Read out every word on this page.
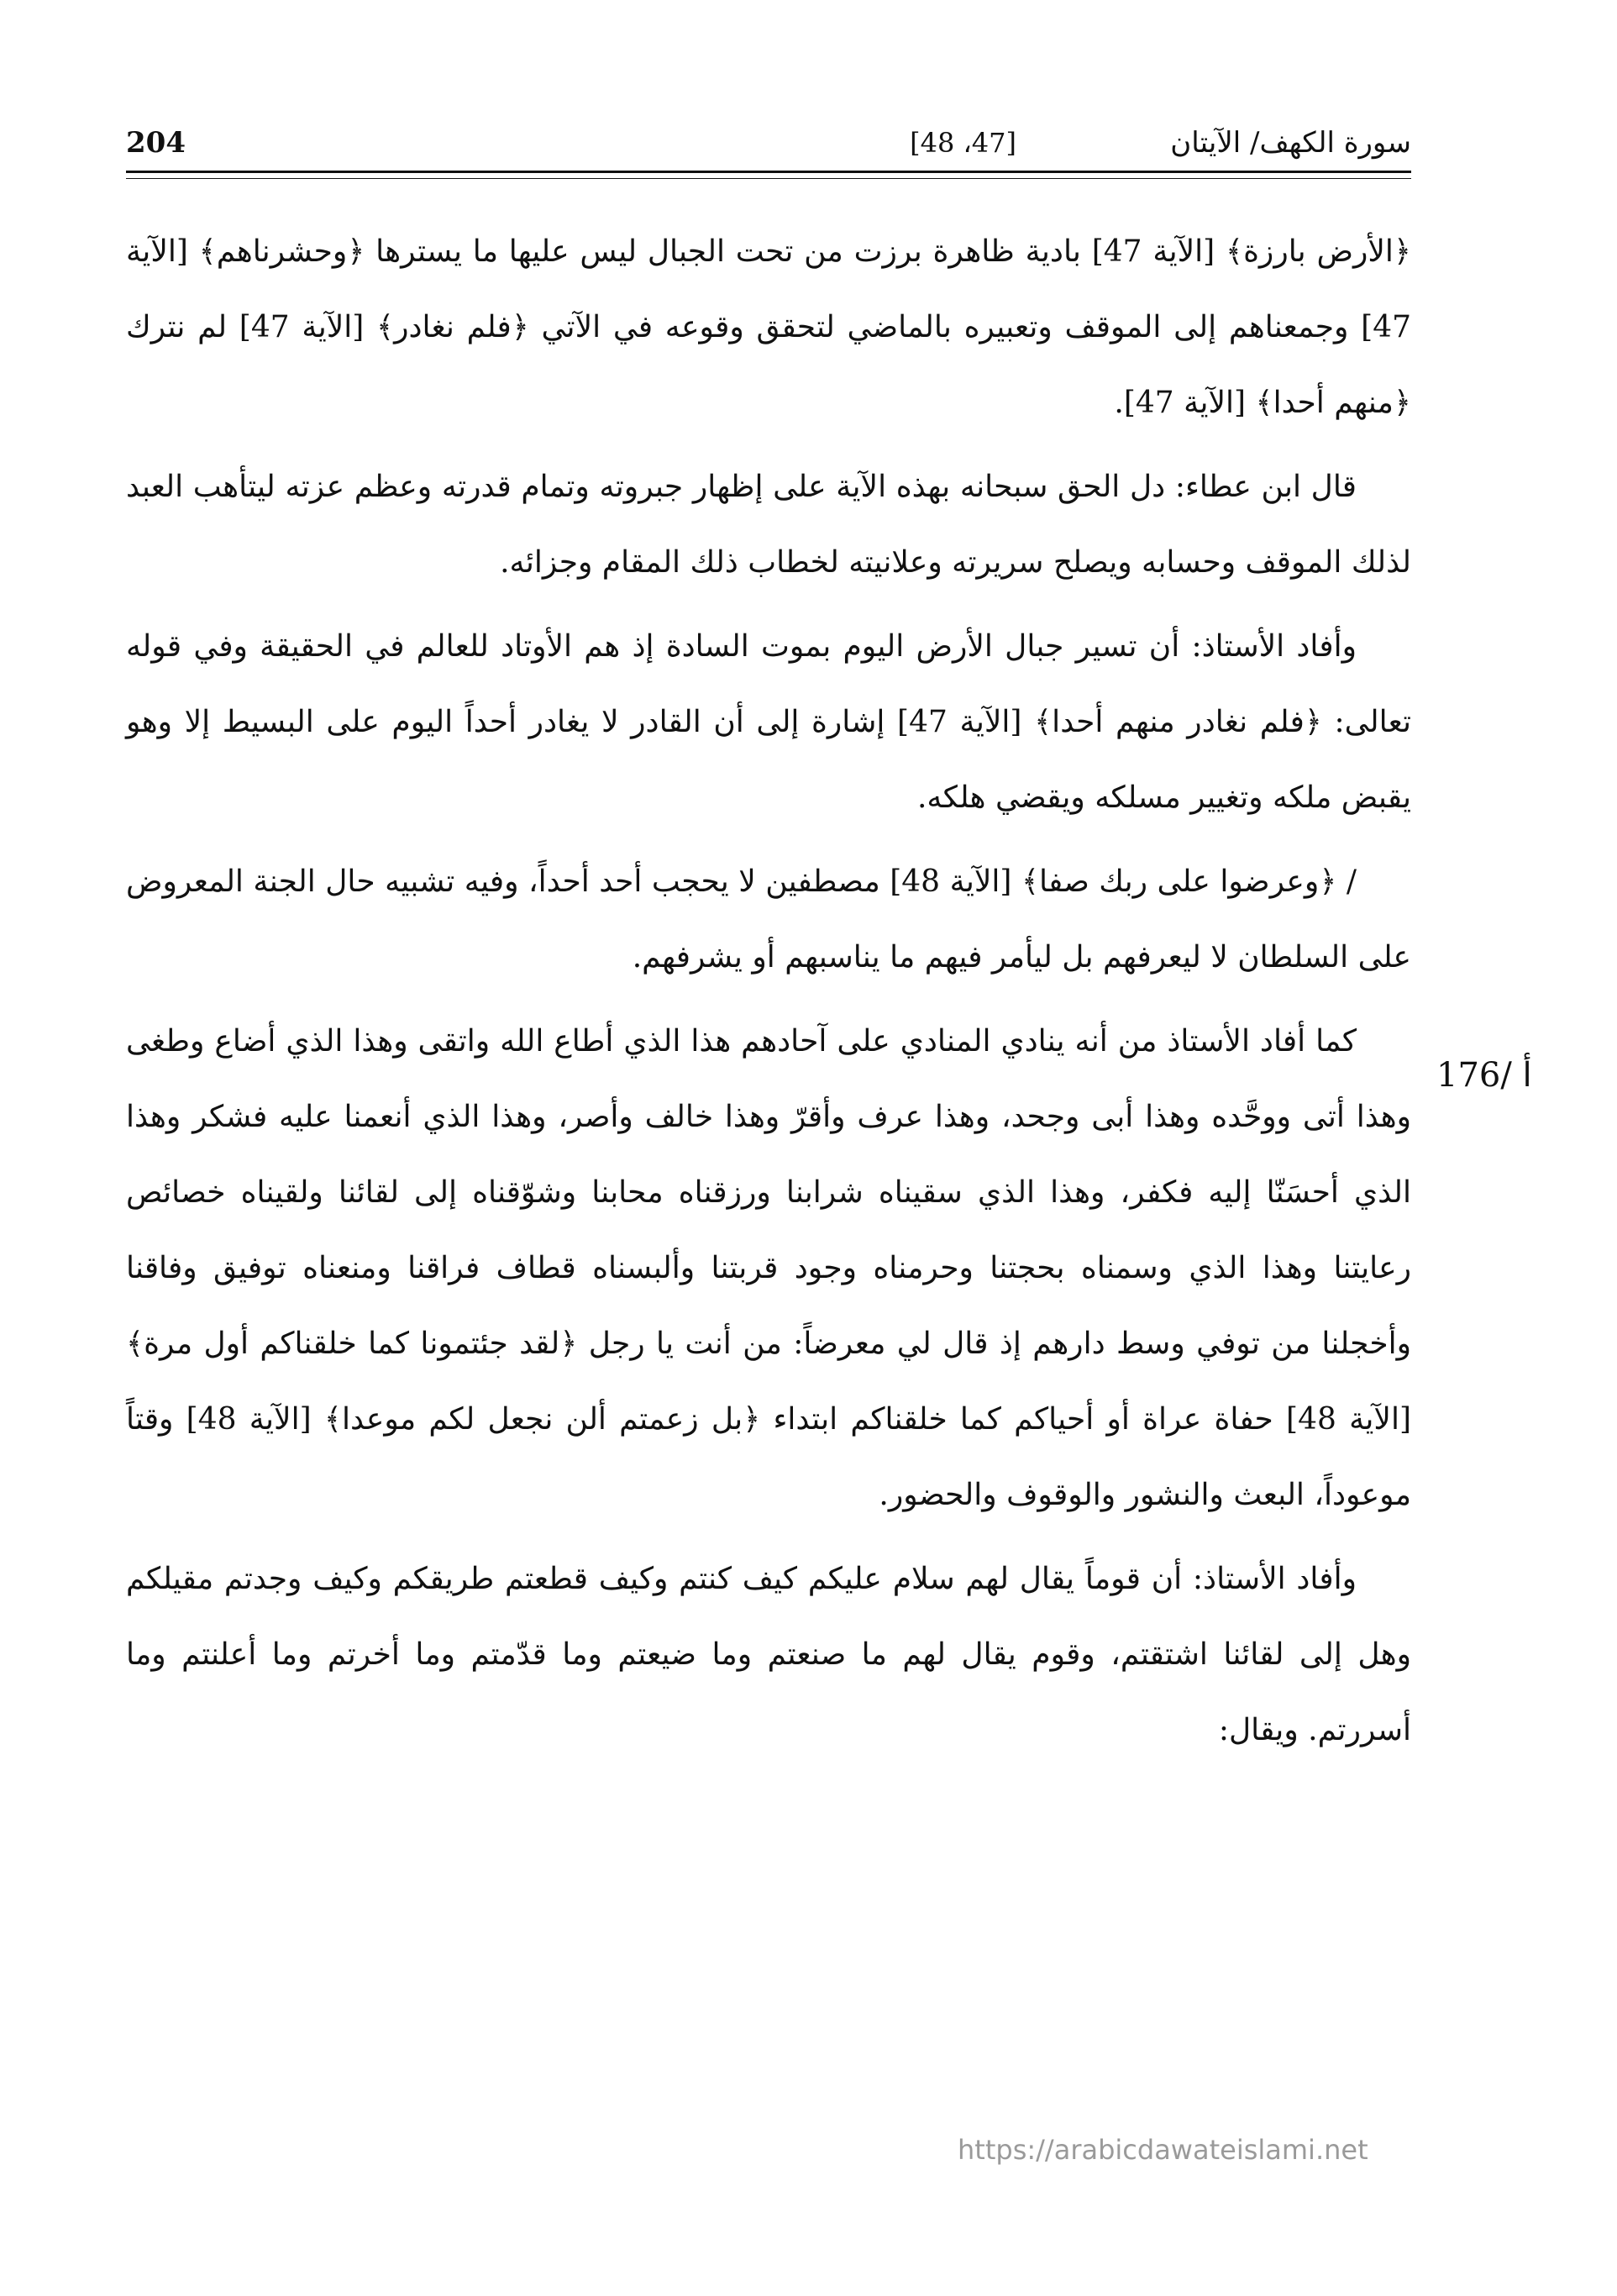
سورة الكهف/ الآيتان
[47، 48]
204
176/ أ

﴿الأرض بارزة﴾ [الآية 47] بادية ظاهرة برزت من تحت الجبال ليس عليها ما يسترها ﴿وحشرناهم﴾ [الآية 47] وجمعناهم إلى الموقف وتعبيره بالماضي لتحقق وقوعه في الآتي ﴿فلم نغادر﴾ [الآية 47] لم نترك ﴿منهم أحدا﴾ [الآية 47].

قال ابن عطاء: دل الحق سبحانه بهذه الآية على إظهار جبروته وتمام قدرته وعظم عزته ليتأهب العبد لذلك الموقف وحسابه ويصلح سريرته وعلانيته لخطاب ذلك المقام وجزائه.

وأفاد الأستاذ: أن تسير جبال الأرض اليوم بموت السادة إذ هم الأوتاد للعالم في الحقيقة وفي قوله تعالى: ﴿فلم نغادر منهم أحدا﴾ [الآية 47] إشارة إلى أن القادر لا يغادر أحداً اليوم على البسيط إلا وهو يقبض ملكه وتغيير مسلكه ويقضي هلكه.

/ ﴿وعرضوا على ربك صفا﴾ [الآية 48] مصطفين لا يحجب أحد أحداً، وفيه تشبيه حال الجنة المعروض على السلطان لا ليعرفهم بل ليأمر فيهم ما يناسبهم أو يشرفهم.

كما أفاد الأستاذ من أنه ينادي المنادي على آحادهم هذا الذي أطاع الله واتقى وهذا الذي أضاع وطغى وهذا أتى ووحَّده وهذا أبى وجحد، وهذا عرف وأقرّ وهذا خالف وأصر، وهذا الذي أنعمنا عليه فشكر وهذا الذي أحسَنّا إليه فكفر، وهذا الذي سقيناه شرابنا ورزقناه محابنا وشوّقناه إلى لقائنا ولقيناه خصائص رعايتنا وهذا الذي وسمناه بحجتنا وحرمناه وجود قربتنا وألبسناه قطاف فراقنا ومنعناه توفيق وفاقنا وأخجلنا من توفي وسط دارهم إذ قال لي معرضاً: من أنت يا رجل ﴿لقد جئتمونا كما خلقناكم أول مرة﴾ [الآية 48] حفاة عراة أو أحياكم كما خلقناكم ابتداء ﴿بل زعمتم ألن نجعل لكم موعدا﴾ [الآية 48] وقتاً موعوداً، البعث والنشور والوقوف والحضور.

وأفاد الأستاذ: أن قوماً يقال لهم سلام عليكم كيف كنتم وكيف قطعتم طريقكم وكيف وجدتم مقيلكم وهل إلى لقائنا اشتقتم، وقوم يقال لهم ما صنعتم وما ضيعتم وما قدّمتم وما أخرتم وما أعلنتم وما أسررتم. ويقال:

https://arabicdawateislami.net
